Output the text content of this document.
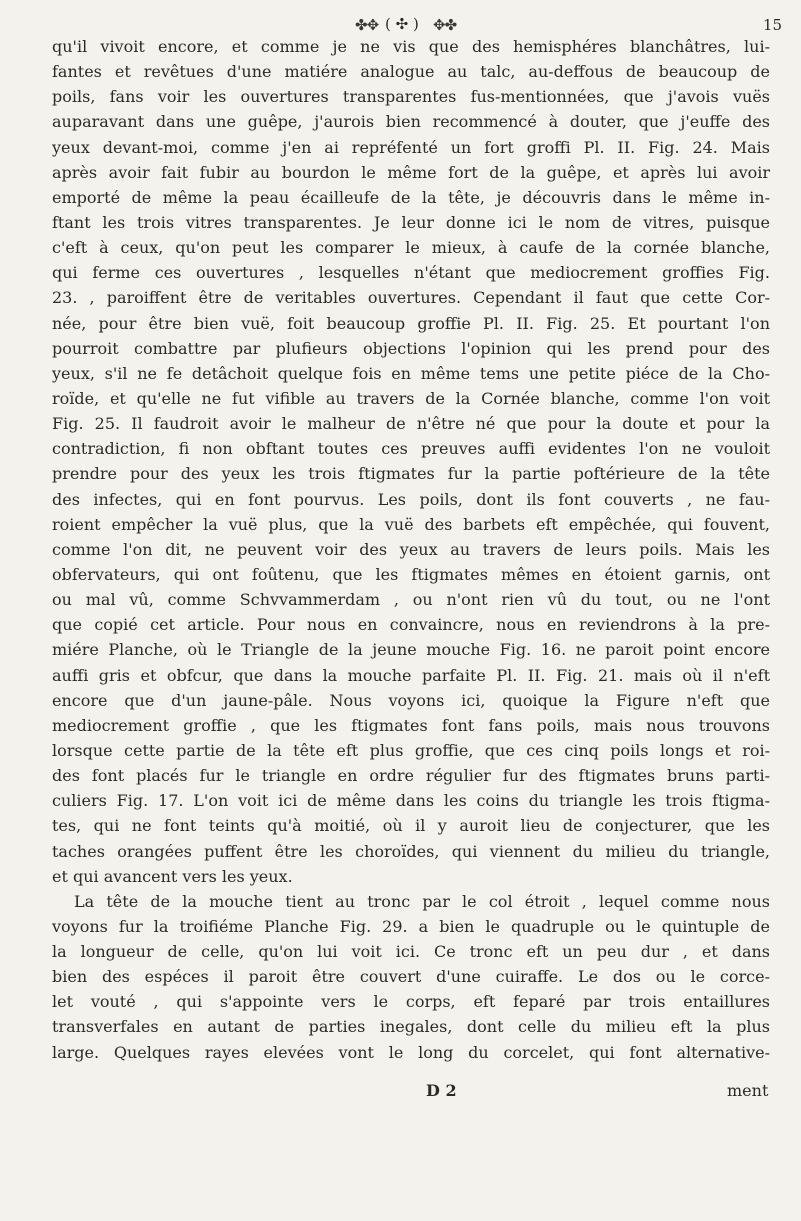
✤✥ ( ✣ ) ✥✤	15
qu'il vivoit encore, et comme je ne vis que des hemisphéres blanchâtres, lui-
fantes et revêtues d'une matiére analogue au talc, au-deffous de beaucoup de
poils, fans voir les ouvertures transparentes fus-mentionnées, que j'avois vuës
auparavant dans une guêpe, j'aurois bien recommencé à douter, que j'euffe des
yeux devant-moi, comme j'en ai repréfenté un fort groffi Pl. II. Fig. 24. Mais
après avoir fait fubir au bourdon le même fort de la guêpe, et après lui avoir
emporté de même la peau écailleufe de la tête, je découvris dans le même in-
ftant les trois vitres transparentes. Je leur donne ici le nom de vitres, puisque
c'eft à ceux, qu'on peut les comparer le mieux, à caufe de la cornée blanche,
qui ferme ces ouvertures , lesquelles n'étant que mediocrement groffies Fig.
23. , paroiffent être de veritables ouvertures. Cependant il faut que cette Cor-
née, pour être bien vuë, foit beaucoup groffie Pl. II. Fig. 25. Et pourtant l'on
pourroit combattre par plufieurs objections l'opinion qui les prend pour des
yeux, s'il ne fe detâchoit quelque fois en même tems une petite piéce de la Cho-
roïde, et qu'elle ne fut vifible au travers de la Cornée blanche, comme l'on voit
Fig. 25. Il faudroit avoir le malheur de n'être né que pour la doute et pour la
contradiction, fi non obftant toutes ces preuves auffi evidentes l'on ne vouloit
prendre pour des yeux les trois ftigmates fur la partie poftérieure de la tête
des infectes, qui en font pourvus. Les poils, dont ils font couverts , ne fau-
roient empêcher la vuë plus, que la vuë des barbets eft empêchée, qui fouvent,
comme l'on dit, ne peuvent voir des yeux au travers de leurs poils. Mais les
obfervateurs, qui ont foûtenu, que les ftigmates mêmes en étoient garnis, ont
ou mal vû, comme Schvvammerdam , ou n'ont rien vû du tout, ou ne l'ont
que copié cet article. Pour nous en convaincre, nous en reviendrons à la pre-
miére Planche, où le Triangle de la jeune mouche Fig. 16. ne paroit point encore
auffi gris et obfcur, que dans la mouche parfaite Pl. II. Fig. 21. mais où il n'eft
encore que d'un jaune-pâle. Nous voyons ici, quoique la Figure n'eft que
mediocrement groffie , que les ftigmates font fans poils, mais nous trouvons
lorsque cette partie de la tête eft plus groffie, que ces cinq poils longs et roi-
des font placés fur le triangle en ordre régulier fur des ftigmates bruns parti-
culiers Fig. 17. L'on voit ici de même dans les coins du triangle les trois ftigma-
tes, qui ne font teints qu'à moitié, où il y auroit lieu de conjecturer, que les
taches orangées puffent être les choroïdes, qui viennent du milieu du triangle,
et qui avancent vers les yeux.
La tête de la mouche tient au tronc par le col étroit , lequel comme nous
voyons fur la troifiéme Planche Fig. 29. a bien le quadruple ou le quintuple de
la longueur de celle, qu'on lui voit ici. Ce tronc eft un peu dur , et dans
bien des espéces il paroit être couvert d'une cuiraffe. Le dos ou le corce-
let vouté , qui s'appointe vers le corps, eft feparé par trois entaillures
transverfales en autant de parties inegales, dont celle du milieu eft la plus
large. Quelques rayes elevées vont le long du corcelet, qui font alternative-
D 2	ment
